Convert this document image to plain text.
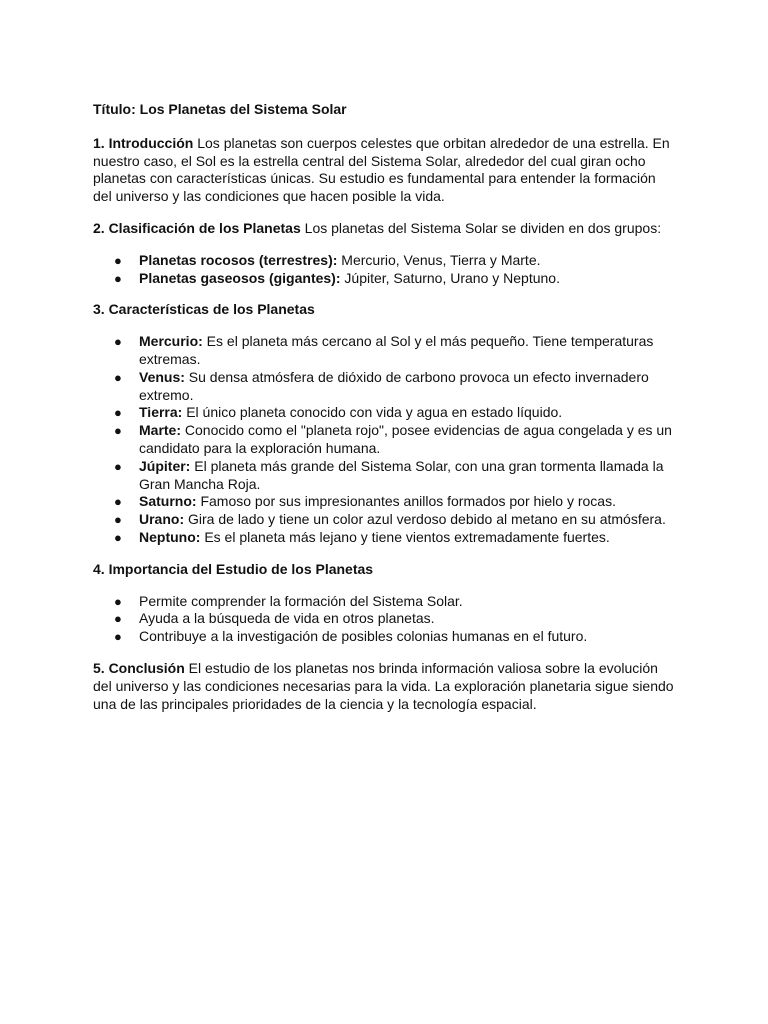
Título: Los Planetas del Sistema Solar

1. Introducción Los planetas son cuerpos celestes que orbitan alrededor de una estrella. En nuestro caso, el Sol es la estrella central del Sistema Solar, alrededor del cual giran ocho planetas con características únicas. Su estudio es fundamental para entender la formación del universo y las condiciones que hacen posible la vida.

2. Clasificación de los Planetas Los planetas del Sistema Solar se dividen en dos grupos:

● Planetas rocosos (terrestres): Mercurio, Venus, Tierra y Marte.
● Planetas gaseosos (gigantes): Júpiter, Saturno, Urano y Neptuno.

3. Características de los Planetas

● Mercurio: Es el planeta más cercano al Sol y el más pequeño. Tiene temperaturas extremas.
● Venus: Su densa atmósfera de dióxido de carbono provoca un efecto invernadero extremo.
● Tierra: El único planeta conocido con vida y agua en estado líquido.
● Marte: Conocido como el "planeta rojo", posee evidencias de agua congelada y es un candidato para la exploración humana.
● Júpiter: El planeta más grande del Sistema Solar, con una gran tormenta llamada la Gran Mancha Roja.
● Saturno: Famoso por sus impresionantes anillos formados por hielo y rocas.
● Urano: Gira de lado y tiene un color azul verdoso debido al metano en su atmósfera.
● Neptuno: Es el planeta más lejano y tiene vientos extremadamente fuertes.

4. Importancia del Estudio de los Planetas

● Permite comprender la formación del Sistema Solar.
● Ayuda a la búsqueda de vida en otros planetas.
● Contribuye a la investigación de posibles colonias humanas en el futuro.

5. Conclusión El estudio de los planetas nos brinda información valiosa sobre la evolución del universo y las condiciones necesarias para la vida. La exploración planetaria sigue siendo una de las principales prioridades de la ciencia y la tecnología espacial.
